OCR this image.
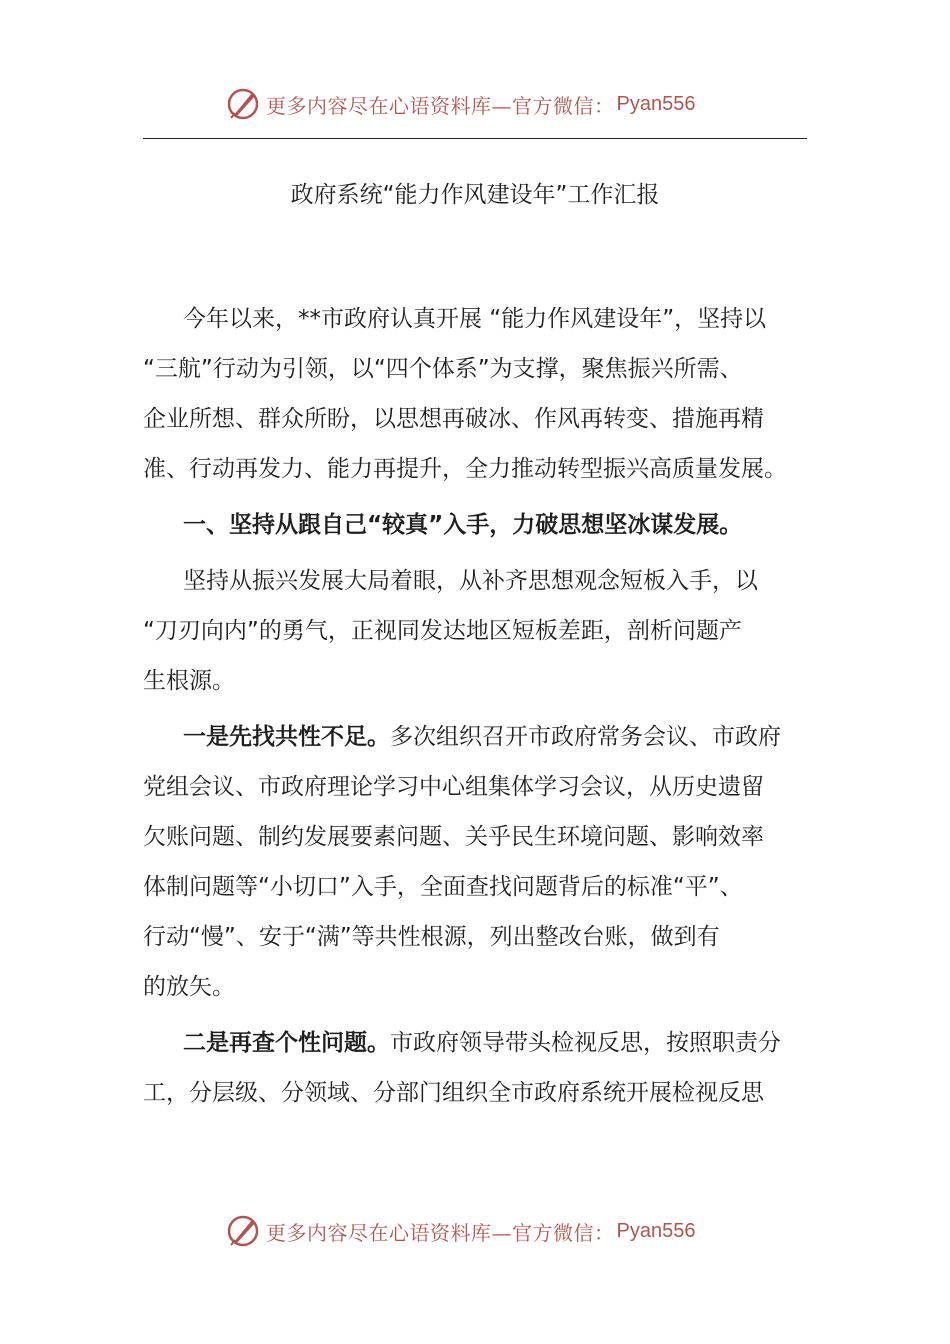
更多内容尽在心语资料库—官方微信： Pyan556
政府系统“能力作风建设年”工作汇报

今年以来，**市政府认真开展 “能力作风建设年”，坚持以
“三航”行动为引领，以“四个体系”为支撑，聚焦振兴所需、
企业所想、群众所盼，以思想再破冰、作风再转变、措施再精
准、行动再发力、能力再提升，全力推动转型振兴高质量发展。

一、坚持从跟自己“较真”入手，力破思想坚冰谋发展。

坚持从振兴发展大局着眼，从补齐思想观念短板入手，以
“刀刃向内”的勇气，正视同发达地区短板差距，剖析问题产
生根源。

一是先找共性不足。多次组织召开市政府常务会议、市政府
党组会议、市政府理论学习中心组集体学习会议，从历史遗留
欠账问题、制约发展要素问题、关乎民生环境问题、影响效率
体制问题等“小切口”入手，全面查找问题背后的标准“平”、
行动“慢”、安于“满”等共性根源，列出整改台账，做到有
的放矢。

二是再查个性问题。市政府领导带头检视反思，按照职责分
工，分层级、分领域、分部门组织全市政府系统开展检视反思

更多内容尽在心语资料库—官方微信： Pyan556
